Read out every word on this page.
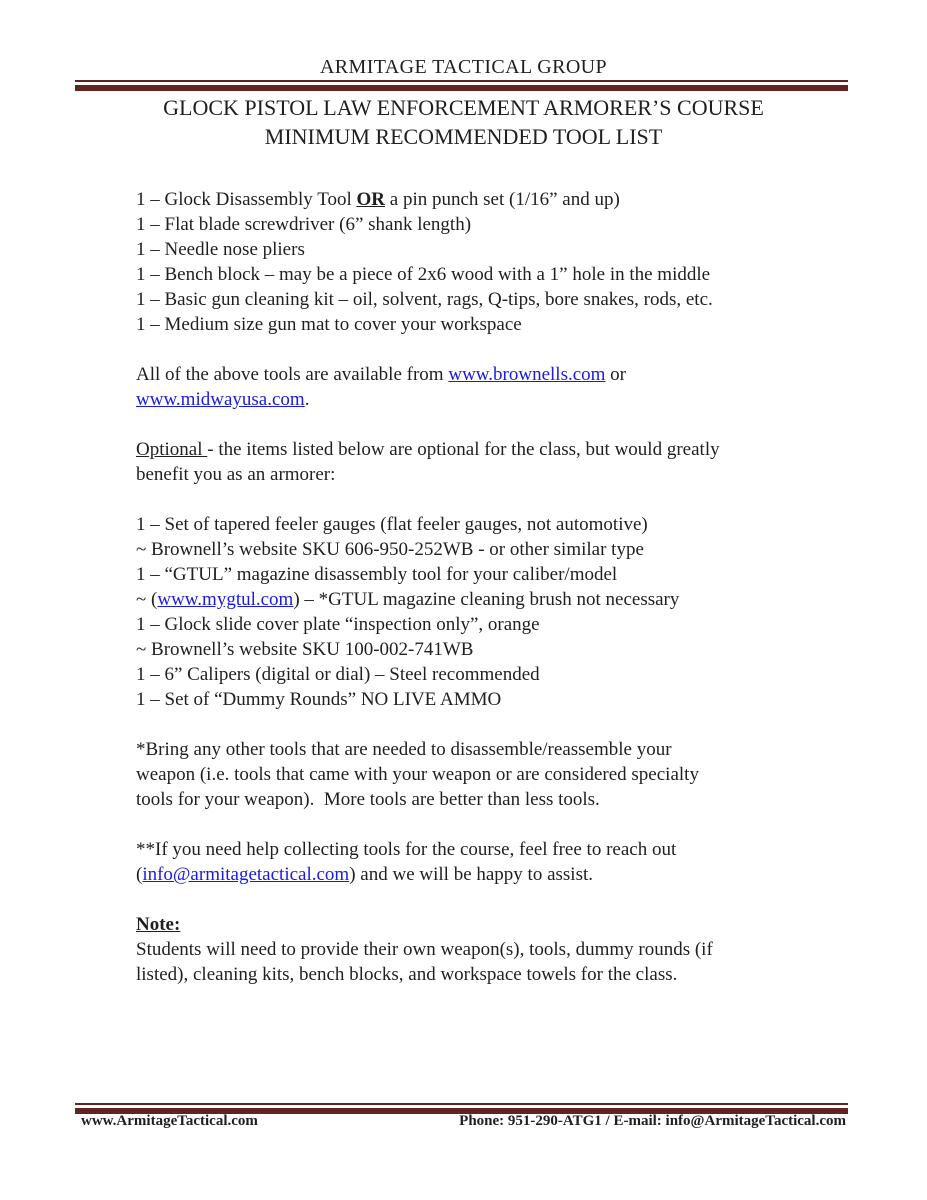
ARMITAGE TACTICAL GROUP
GLOCK PISTOL LAW ENFORCEMENT ARMORER’S COURSE
MINIMUM RECOMMENDED TOOL LIST
1 – Glock Disassembly Tool OR a pin punch set (1/16” and up)
1 – Flat blade screwdriver (6” shank length)
1 – Needle nose pliers
1 – Bench block – may be a piece of 2x6 wood with a 1” hole in the middle
1 – Basic gun cleaning kit – oil, solvent, rags, Q-tips, bore snakes, rods, etc.
1 – Medium size gun mat to cover your workspace
All of the above tools are available from www.brownells.com or
www.midwayusa.com.
Optional - the items listed below are optional for the class, but would greatly
benefit you as an armorer:
1 – Set of tapered feeler gauges (flat feeler gauges, not automotive)
~ Brownell’s website SKU 606-950-252WB - or other similar type
1 – “GTUL” magazine disassembly tool for your caliber/model
~ (www.mygtul.com) – *GTUL magazine cleaning brush not necessary
1 – Glock slide cover plate “inspection only”, orange
~ Brownell’s website SKU 100-002-741WB
1 – 6” Calipers (digital or dial) – Steel recommended
1 – Set of “Dummy Rounds” NO LIVE AMMO
*Bring any other tools that are needed to disassemble/reassemble your
weapon (i.e. tools that came with your weapon or are considered specialty
tools for your weapon).  More tools are better than less tools.
**If you need help collecting tools for the course, feel free to reach out
(info@armitagetactical.com) and we will be happy to assist.
Note:
Students will need to provide their own weapon(s), tools, dummy rounds (if
listed), cleaning kits, bench blocks, and workspace towels for the class.
www.ArmitageTactical.com	Phone: 951-290-ATG1 / E-mail: info@ArmitageTactical.com
